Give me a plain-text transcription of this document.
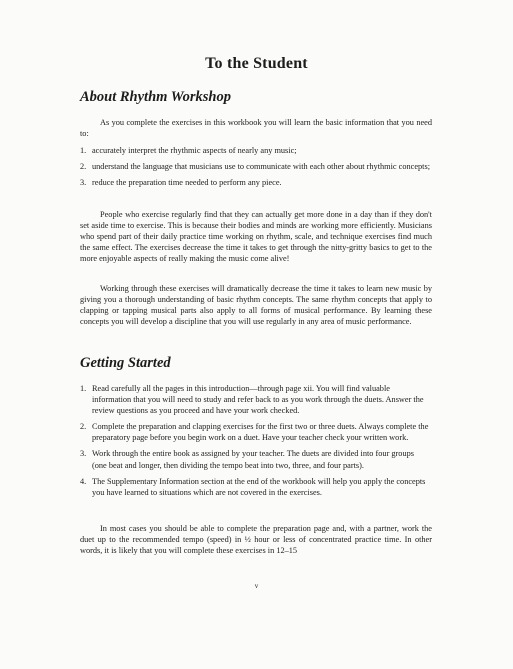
To the Student
About Rhythm Workshop

As you complete the exercises in this workbook you will learn the basic information that you need to:

1. accurately interpret the rhythmic aspects of nearly any music;
2. understand the language that musicians use to communicate with each other about rhythmic concepts;
3. reduce the preparation time needed to perform any piece.

People who exercise regularly find that they can actually get more done in a day than if they don't set aside time to exercise. This is because their bodies and minds are working more efficiently. Musicians who spend part of their daily practice time working on rhythm, scale, and technique exercises find much the same effect. The exercises decrease the time it takes to get through the nitty-gritty basics to get to the more enjoyable aspects of really making the music come alive!

Working through these exercises will dramatically decrease the time it takes to learn new music by giving you a thorough understanding of basic rhythm concepts. The same rhythm concepts that apply to clapping or tapping musical parts also apply to all forms of musical performance. By learning these concepts you will develop a discipline that you will use regularly in any area of music performance.

Getting Started
1. Read carefully all the pages in this introduction—through page xii. You will find valuable information that you will need to study and refer back to as you work through the duets. Answer the review questions as you proceed and have your work checked.
2. Complete the preparation and clapping exercises for the first two or three duets. Always complete the preparatory page before you begin work on a duet. Have your teacher check your written work.
3. Work through the entire book as assigned by your teacher. The duets are divided into four groups (one beat and longer, then dividing the tempo beat into two, three, and four parts).
4. The Supplementary Information section at the end of the workbook will help you apply the concepts you have learned to situations which are not covered in the exercises.

In most cases you should be able to complete the preparation page and, with a partner, work the duet up to the recommended tempo (speed) in ½ hour or less of concentrated practice time. In other words, it is likely that you will complete these exercises in 12–15

v
